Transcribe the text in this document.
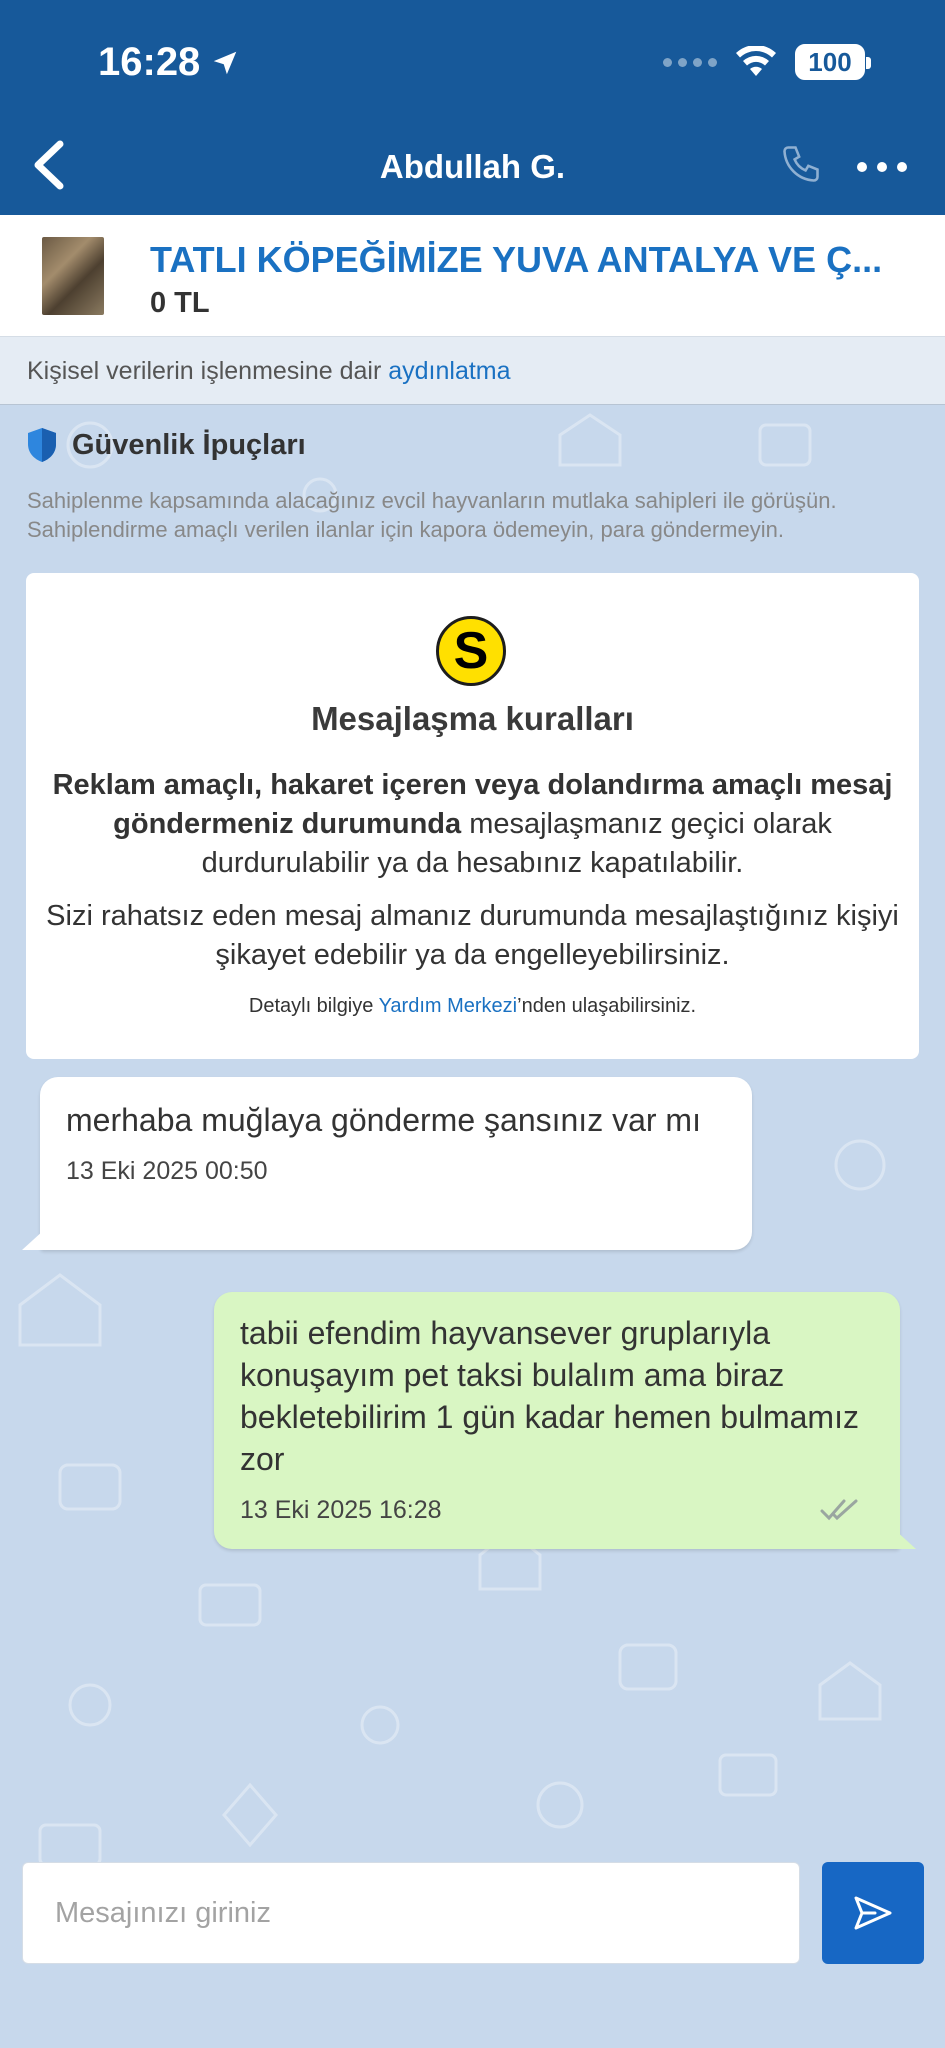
16:28	100
Abdullah G.
TATLI KÖPEĞİMİZE YUVA ANTALYA VE Ç...
0 TL
Kişisel verilerin işlenmesine dair aydınlatma
Güvenlik İpuçları
Sahiplenme kapsamında alacağınız evcil hayvanların mutlaka sahipleri ile görüşün. Sahiplendirme amaçlı verilen ilanlar için kapora ödemeyin, para göndermeyin.
S
Mesajlaşma kuralları
Reklam amaçlı, hakaret içeren veya dolandırma amaçlı mesaj göndermeniz durumunda mesajlaşmanız geçici olarak durdurulabilir ya da hesabınız kapatılabilir.
Sizi rahatsız eden mesaj almanız durumunda mesajlaştığınız kişiyi şikayet edebilir ya da engelleyebilirsiniz.
Detaylı bilgiye Yardım Merkezi’nden ulaşabilirsiniz.
merhaba muğlaya gönderme şansınız var mı
13 Eki 2025 00:50
tabii efendim hayvansever gruplarıyla konuşayım pet taksi bulalım ama biraz bekletebilirim 1 gün kadar hemen bulmamız zor
13 Eki 2025 16:28
Mesajınızı giriniz
